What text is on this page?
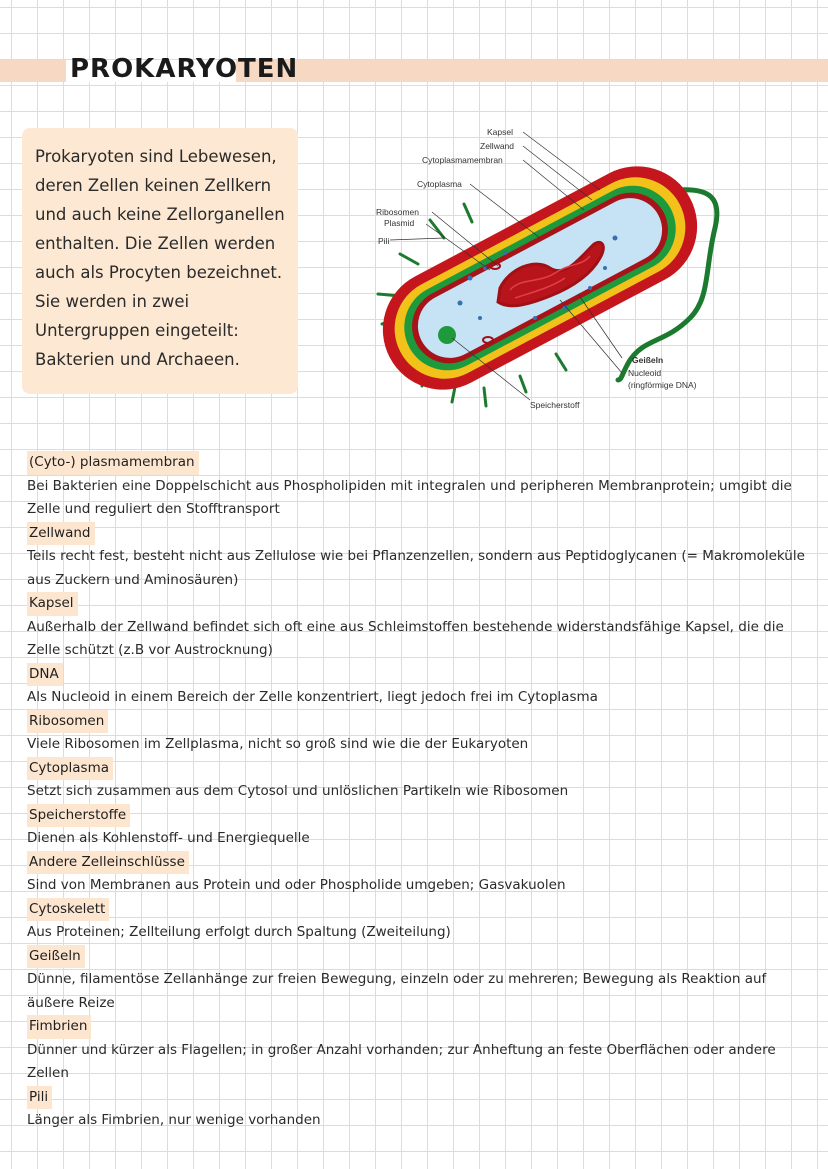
PROKARYOTEN
Prokaryoten sind Lebewesen, deren Zellen keinen Zellkern und auch keine Zellorganellen enthalten. Die Zellen werden auch als Procyten bezeichnet. Sie werden in zwei Untergruppen eingeteilt: Bakterien und Archaeen.
Kapsel
Zellwand
Cytoplasmamembran
Cytoplasma
Ribosomen
Plasmid
Pili
Geißeln
Nucleoid
(ringförmige DNA)
Speicherstoff
(Cyto-) plasmamembran
Bei Bakterien eine Doppelschicht aus Phospholipiden mit integralen und peripheren Membranprotein; umgibt die Zelle und reguliert den Stofftransport
Zellwand
Teils recht fest, besteht nicht aus Zellulose wie bei Pflanzenzellen, sondern aus Peptidoglycanen (= Makromoleküle aus Zuckern und Aminosäuren)
Kapsel
Außerhalb der Zellwand befindet sich oft eine aus Schleimstoffen bestehende widerstandsfähige Kapsel, die die Zelle schützt (z.B vor Austrocknung)
DNA
Als Nucleoid in einem Bereich der Zelle konzentriert, liegt jedoch frei im Cytoplasma
Ribosomen
Viele Ribosomen im Zellplasma, nicht so groß sind wie die der Eukaryoten
Cytoplasma
Setzt sich zusammen aus dem Cytosol und unlöslichen Partikeln wie Ribosomen
Speicherstoffe
Dienen als Kohlenstoff- und Energiequelle
Andere Zelleinschlüsse
Sind von Membranen aus Protein und oder Phospholide umgeben; Gasvakuolen
Cytoskelett
Aus Proteinen; Zellteilung erfolgt durch Spaltung (Zweiteilung)
Geißeln
Dünne, filamentöse Zellanhänge zur freien Bewegung, einzeln oder zu mehreren; Bewegung als Reaktion auf äußere Reize
Fimbrien
Dünner und kürzer als Flagellen; in großer Anzahl vorhanden; zur Anheftung an feste Oberflächen oder andere Zellen
Pili
Länger als Fimbrien, nur wenige vorhanden
